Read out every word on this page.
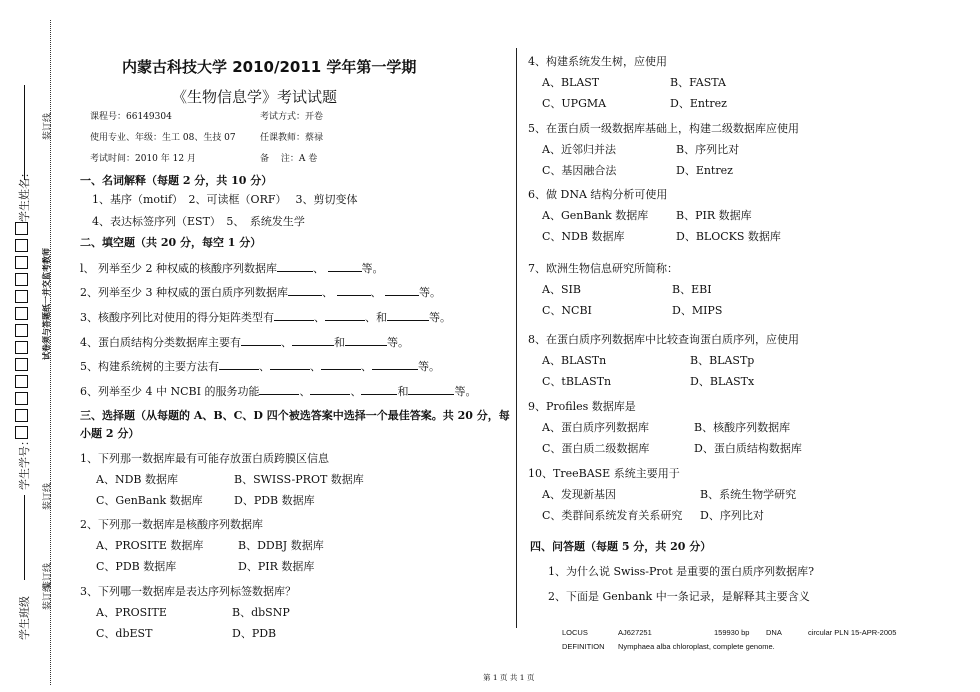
装订线
装订线
装订线
装订线
试卷须与答题纸一并交监考教师
学生姓名：
学生学号：
学生班级
内蒙古科技大学 2010/2011 学年第一学期
《生物信息学》考试试题
课程号：66149304	考试方式：开卷
使用专业、年级：生工 08、生技 07	任课教师：蔡禄
考试时间：2010 年 12 月	备　 注：A 卷
一、名词解释（每题 2 分，共 10 分）
1、基序（motif）　2、可读框（ORF）　 3、剪切变体
4、表达标签序列（EST）　5、　系统发生学
二、填空题（共 20 分，每空 1 分）
l、 列举至少 2 种权威的核酸序列数据库	、	等。
2、列举至少 3 种权威的蛋白质序列数据库	、	、	等。
3、核酸序列比对使用的得分矩阵类型有	、	、和	等。
4、蛋白质结构分类数据库主要有	、	和	等。
5、构建系统树的主要方法有	、	、	、	等。
6、列举至少 4 中 NCBI 的服务功能	、	、	和	等。
三、选择题（从每题的 A、B、C、D 四个被选答案中选择一个最佳答案。共 20 分，每
小题 2 分）
1、下列那一数据库最有可能存放蛋白质跨膜区信息
A、NDB 数据库	B、SWISS-PROT 数据库
C、GenBank 数据库	D、PDB 数据库
2、下列那一数据库是核酸序列数据库
A、PROSITE 数据库	B、DDBJ 数据库
C、PDB 数据库	D、PIR 数据库
3、下列哪一数据库是表达序列标签数据库？
A、PROSITE	B、dbSNP
C、dbEST	D、PDB
4、构建系统发生树，应使用
A、BLAST	B、FASTA
C、UPGMA	D、Entrez
5、在蛋白质一级数据库基础上，构建二级数据库应使用
A、近邻归并法	B、序列比对
C、基因融合法	D、Entrez
6、做 DNA 结构分析可使用
A、GenBank 数据库	B、PIR 数据库
C、NDB 数据库	D、BLOCKS 数据库
7、欧洲生物信息研究所简称：
A、SIB	B、EBI
C、NCBI	D、MIPS
8、在蛋白质序列数据库中比较查询蛋白质序列，应使用
A、BLASTn	B、BLASTp
C、tBLASTn	D、BLASTx
9、Profiles 数据库是
A、蛋白质序列数据库	B、核酸序列数据库
C、蛋白质二级数据库	D、蛋白质结构数据库
10、TreeBASE 系统主要用于
A、发现新基因	B、系统生物学研究
C、类群间系统发育关系研究 D、序列比对
四、问答题（每题 5 分，共 20 分）
1、为什么说 Swiss-Prot 是重要的蛋白质序列数据库?
2、下面是 Genbank 中一条记录，是解释其主要含义
LOCUS	AJ627251	159930 bp DNA	circular PLN 15-APR-2005
DEFINITION Nymphaea alba chloroplast, complete genome.
第 1 页 共 1 页
